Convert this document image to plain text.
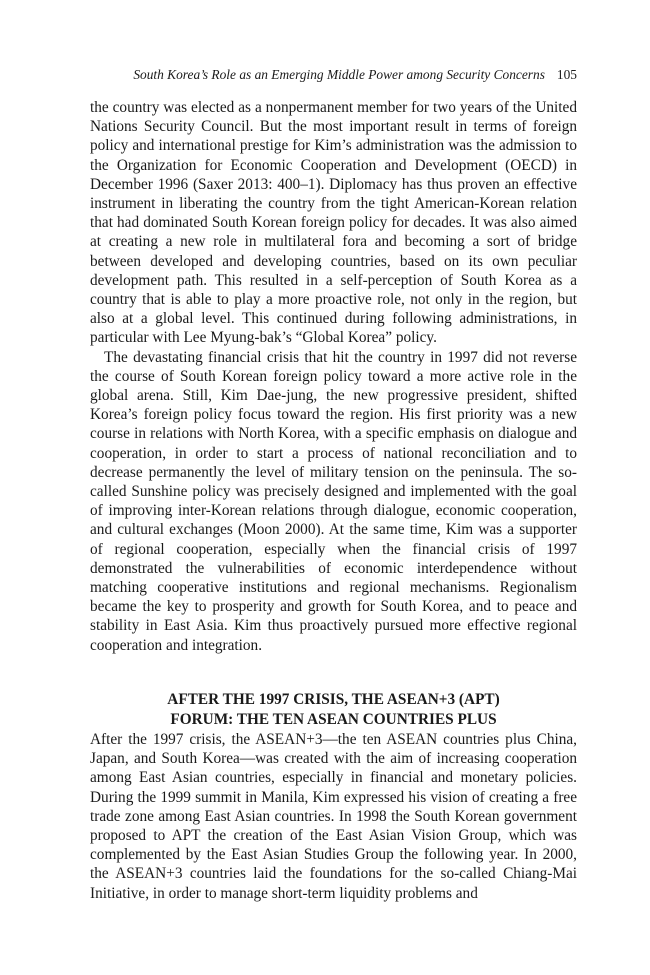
South Korea’s Role as an Emerging Middle Power among Security Concerns 105

the country was elected as a nonpermanent member for two years of the United Nations Security Council. But the most important result in terms of foreign policy and international prestige for Kim’s administration was the admission to the Organization for Economic Cooperation and Development (OECD) in December 1996 (Saxer 2013: 400–1). Diplomacy has thus proven an effective instrument in liberating the country from the tight American-Korean relation that had dominated South Korean foreign policy for decades. It was also aimed at creating a new role in multilateral fora and becoming a sort of bridge between developed and developing countries, based on its own peculiar development path. This resulted in a self-perception of South Korea as a country that is able to play a more proactive role, not only in the region, but also at a global level. This continued during following administrations, in particular with Lee Myung-bak’s “Global Korea” policy.

The devastating financial crisis that hit the country in 1997 did not reverse the course of South Korean foreign policy toward a more active role in the global arena. Still, Kim Dae-jung, the new progressive president, shifted Korea’s foreign policy focus toward the region. His first priority was a new course in relations with North Korea, with a specific emphasis on dialogue and cooperation, in order to start a process of national reconciliation and to decrease permanently the level of military tension on the peninsula. The so-called Sunshine policy was precisely designed and implemented with the goal of improving inter-Korean relations through dialogue, economic cooperation, and cultural exchanges (Moon 2000). At the same time, Kim was a supporter of regional cooperation, especially when the financial crisis of 1997 demonstrated the vulnerabilities of economic interdependence without matching cooperative institutions and regional mechanisms. Regionalism became the key to prosperity and growth for South Korea, and to peace and stability in East Asia. Kim thus proactively pursued more effective regional cooperation and integration.

AFTER THE 1997 CRISIS, THE ASEAN+3 (APT)
FORUM: THE TEN ASEAN COUNTRIES PLUS

After the 1997 crisis, the ASEAN+3—the ten ASEAN countries plus China, Japan, and South Korea—was created with the aim of increasing cooperation among East Asian countries, especially in financial and monetary policies. During the 1999 summit in Manila, Kim expressed his vision of creating a free trade zone among East Asian countries. In 1998 the South Korean government proposed to APT the creation of the East Asian Vision Group, which was complemented by the East Asian Studies Group the following year. In 2000, the ASEAN+3 countries laid the foundations for the so-called Chiang-Mai Initiative, in order to manage short-term liquidity problems and
